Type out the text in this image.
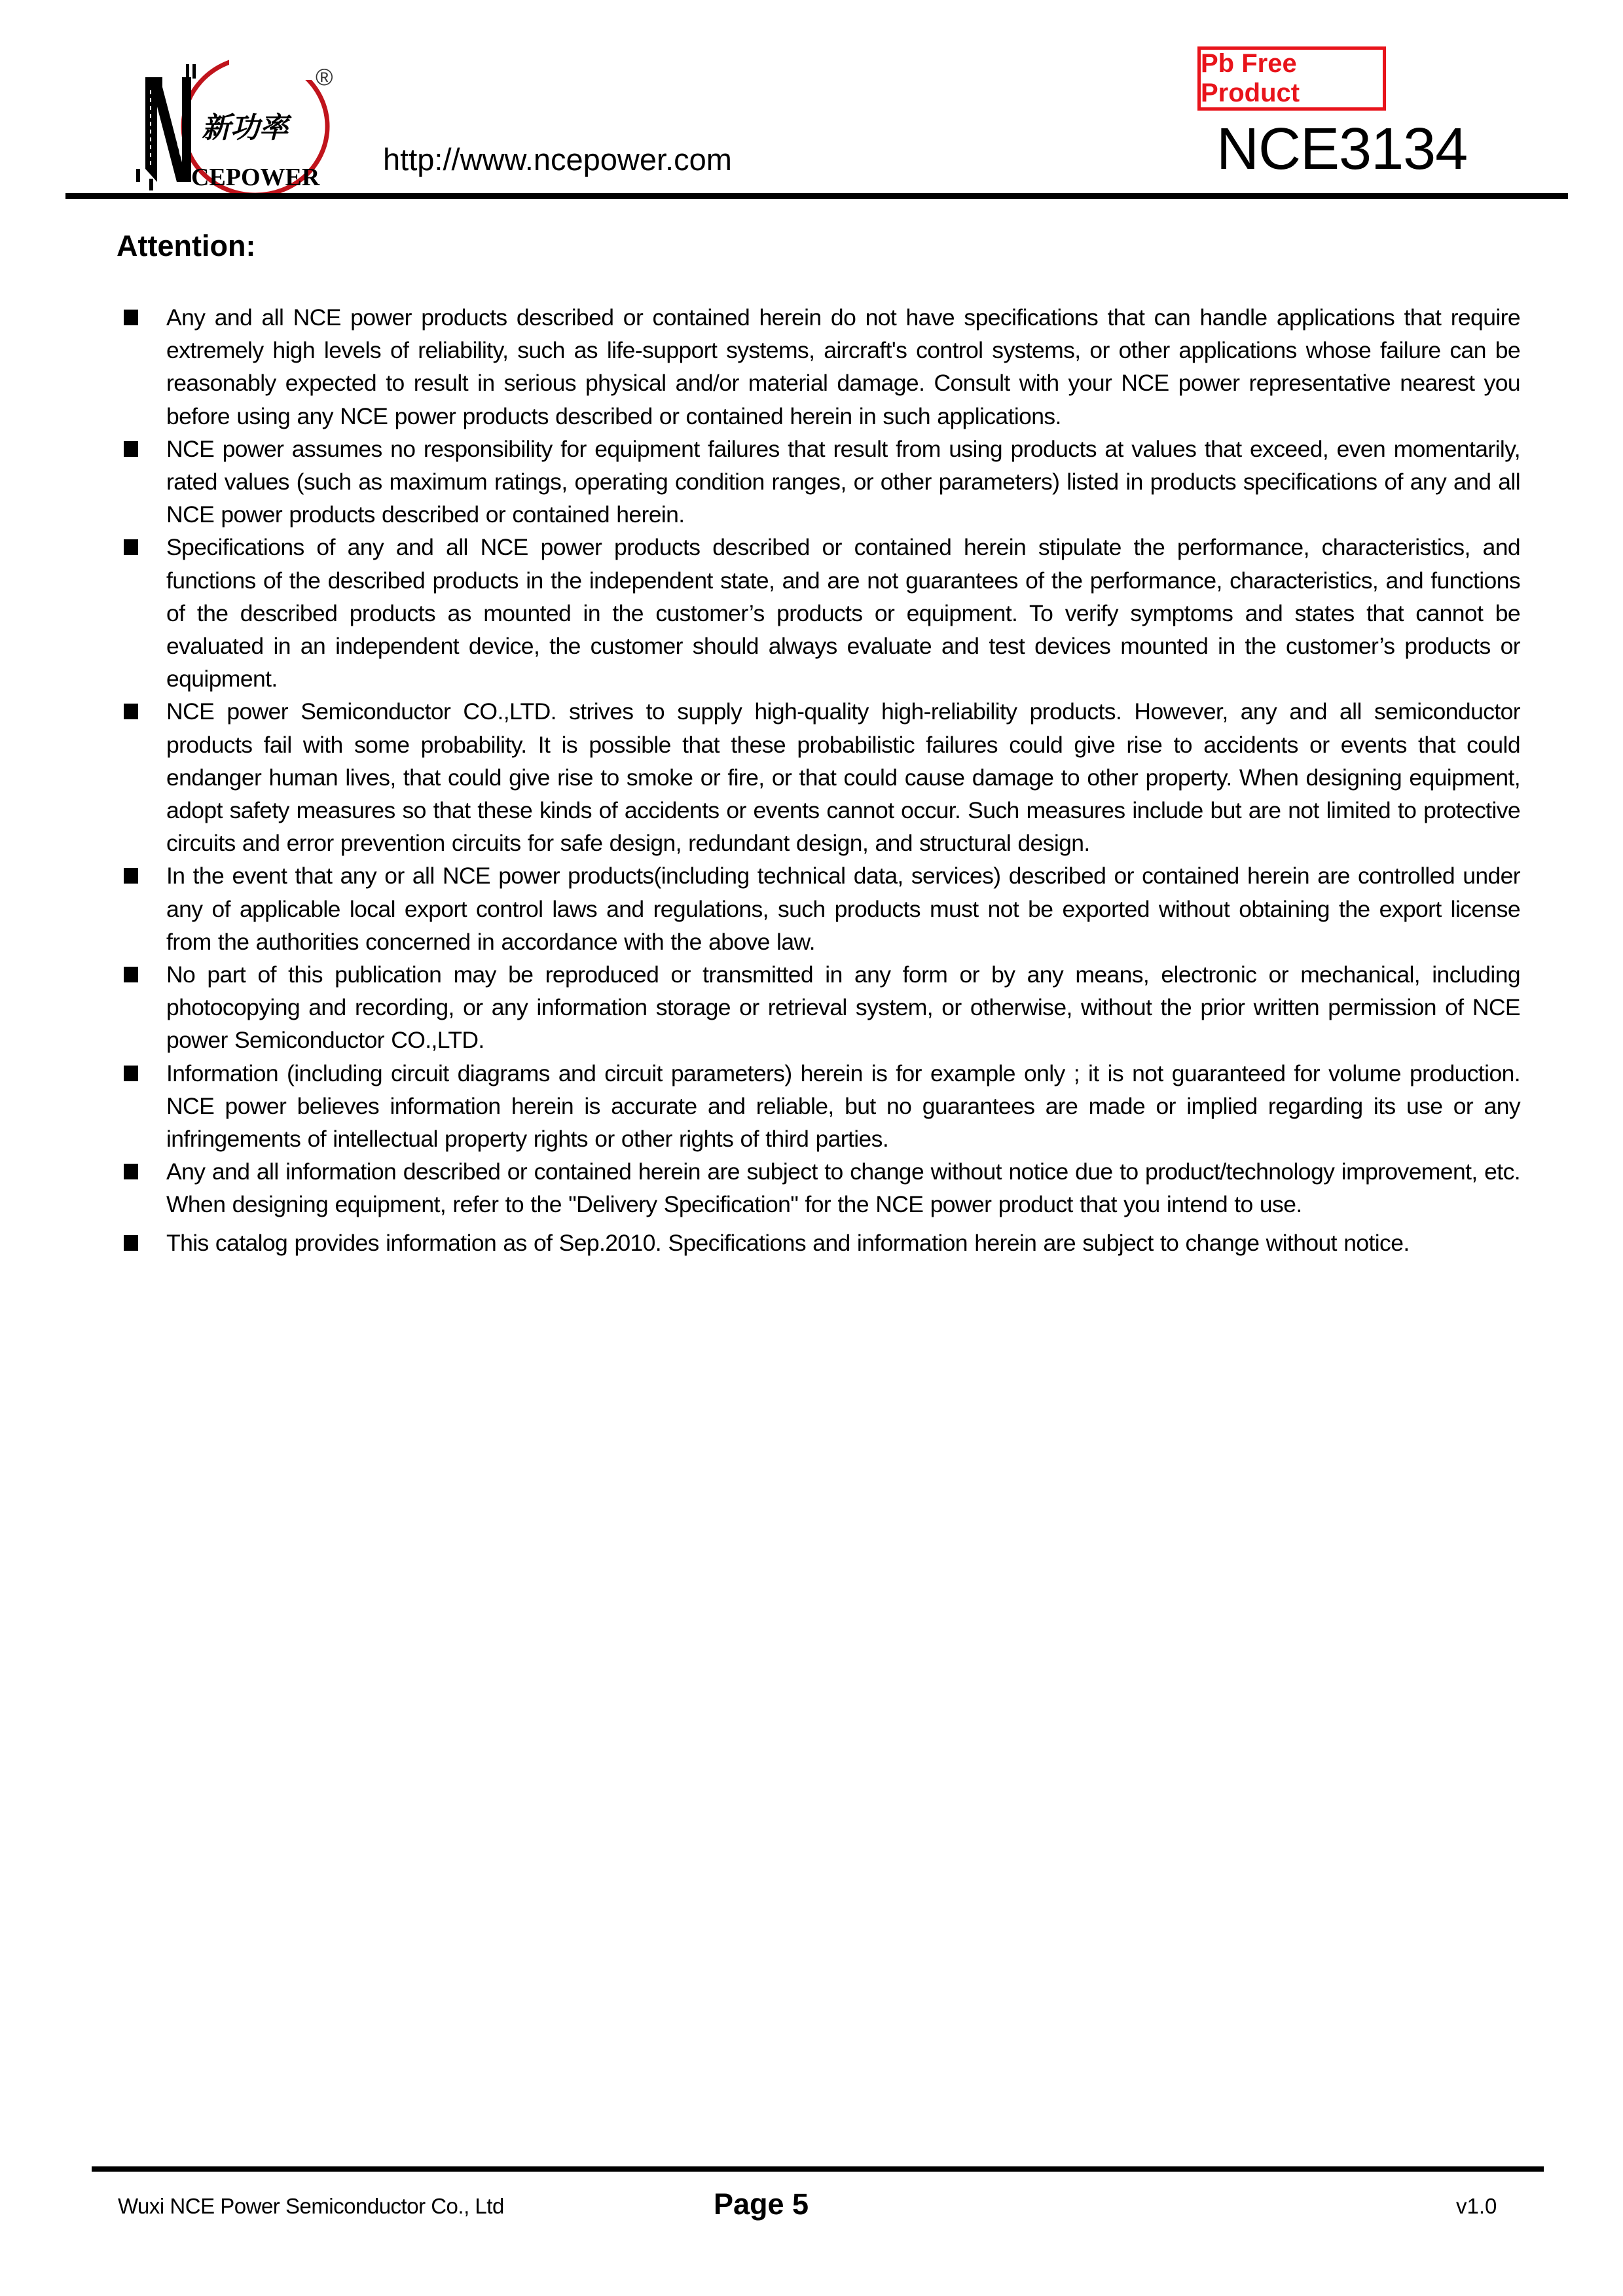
新功率
CEPOWER
®
http://www.ncepower.com
Pb Free Product
NCE3134
Attention:
Any and all NCE power products described or contained herein do not have specifications that can handle applications that require extremely high levels of reliability, such as life-support systems, aircraft's control systems, or other applications whose failure can be reasonably expected to result in serious physical and/or material damage. Consult with your NCE power representative nearest you before using any NCE power products described or contained herein in such applications.
NCE power assumes no responsibility for equipment failures that result from using products at values that exceed, even momentarily, rated values (such as maximum ratings, operating condition ranges, or other parameters) listed in products specifications of any and all NCE power products described or contained herein.
Specifications of any and all NCE power products described or contained herein stipulate the performance, characteristics, and functions of the described products in the independent state, and are not guarantees of the performance, characteristics, and functions of the described products as mounted in the customer’s products or equipment. To verify symptoms and states that cannot be evaluated in an independent device, the customer should always evaluate and test devices mounted in the customer’s products or equipment.
NCE power Semiconductor CO.,LTD. strives to supply high-quality high-reliability products. However, any and all semiconductor products fail with some probability. It is possible that these probabilistic failures could give rise to accidents or events that could endanger human lives, that could give rise to smoke or fire, or that could cause damage to other property. When designing equipment, adopt safety measures so that these kinds of accidents or events cannot occur. Such measures include but are not limited to protective circuits and error prevention circuits for safe design, redundant design, and structural design.
In the event that any or all NCE power products(including technical data, services) described or contained herein are controlled under any of applicable local export control laws and regulations, such products must not be exported without obtaining the export license from the authorities concerned in accordance with the above law.
No part of this publication may be reproduced or transmitted in any form or by any means, electronic or mechanical, including photocopying and recording, or any information storage or retrieval system, or otherwise, without the prior written permission of NCE power Semiconductor CO.,LTD.
Information (including circuit diagrams and circuit parameters) herein is for example only ; it is not guaranteed for volume production. NCE power believes information herein is accurate and reliable, but no guarantees are made or implied regarding its use or any infringements of intellectual property rights or other rights of third parties.
Any and all information described or contained herein are subject to change without notice due to product/technology improvement, etc. When designing equipment, refer to the "Delivery Specification" for the NCE power product that you intend to use.
This catalog provides information as of Sep.2010. Specifications and information herein are subject to change without notice.
Wuxi NCE Power Semiconductor Co., Ltd	Page 5	v1.0
